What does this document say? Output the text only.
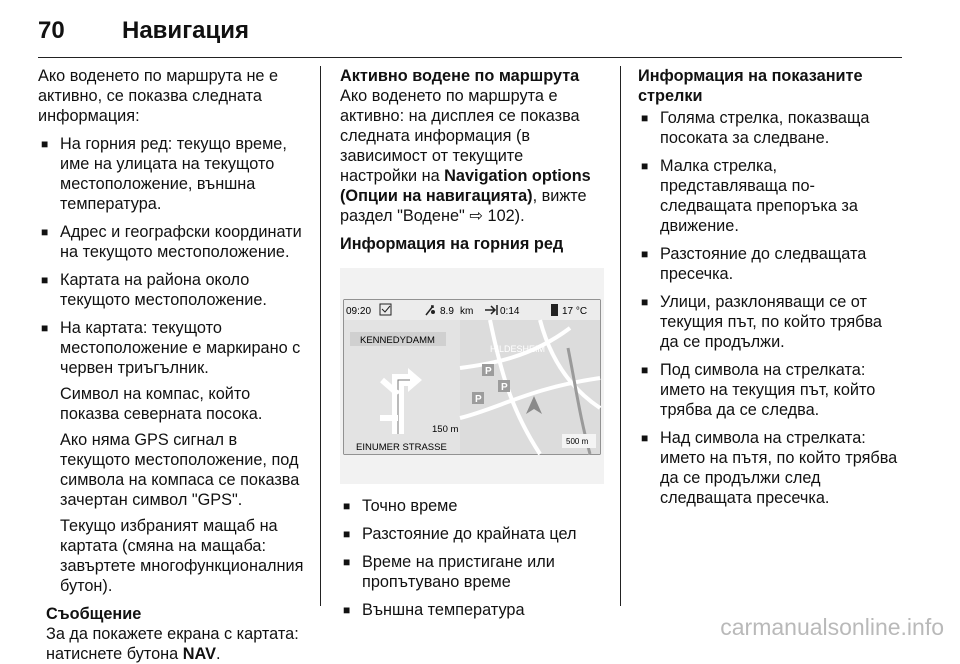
70 Навигация

Ако воденето по маршрута не е активно, се показва следната информация:

■ На горния ред: текущо време, име на улицата на текущото местоположение, външна температура.

■ Адрес и географски координати на текущото местоположение.

■ Картата на района около текущото местоположение.

■ На картата: текущото местоположение е маркирано с червен триъгълник.

Символ на компас, който показва северната посока.

Ако няма GPS сигнал в текущото местоположение, под символа на компаса се показва зачертан символ "GPS".

Текущо избраният мащаб на картата (смяна на мащаба: завъртете многофункционалния бутон).

Съобщение

За да покажете екрана с картата: натиснете бутона NAV.

Активно водене по маршрута

Ако воденето по маршрута е активно: на дисплея се показва следната информация (в зависимост от текущите настройки на Navigation options (Опции на навигацията), вижте раздел "Водене" ⇨ 102).

Информация на горния ред

09:20	8.9 km	0:14	17 °C
P
P
P
HILDESHEIM
500 m
KENNEDYDAMM
150 m
EINUMER STRASSE

■ Точно време

■ Разстояние до крайната цел

■ Време на пристигане или пропътувано време

■ Външна температура

Информация на показаните стрелки

■ Голяма стрелка, показваща посоката за следване.

■ Малка стрелка, представляваща по-следващата препоръка за движение.

■ Разстояние до следващата пресечка.

■ Улици, разклоняващи се от текущия път, по който трябва да се продължи.

■ Под символа на стрелката: името на текущия път, който трябва да се следва.

■ Над символа на стрелката: името на пътя, по който трябва да се продължи след следващата пресечка.

carmanualsonline.info
